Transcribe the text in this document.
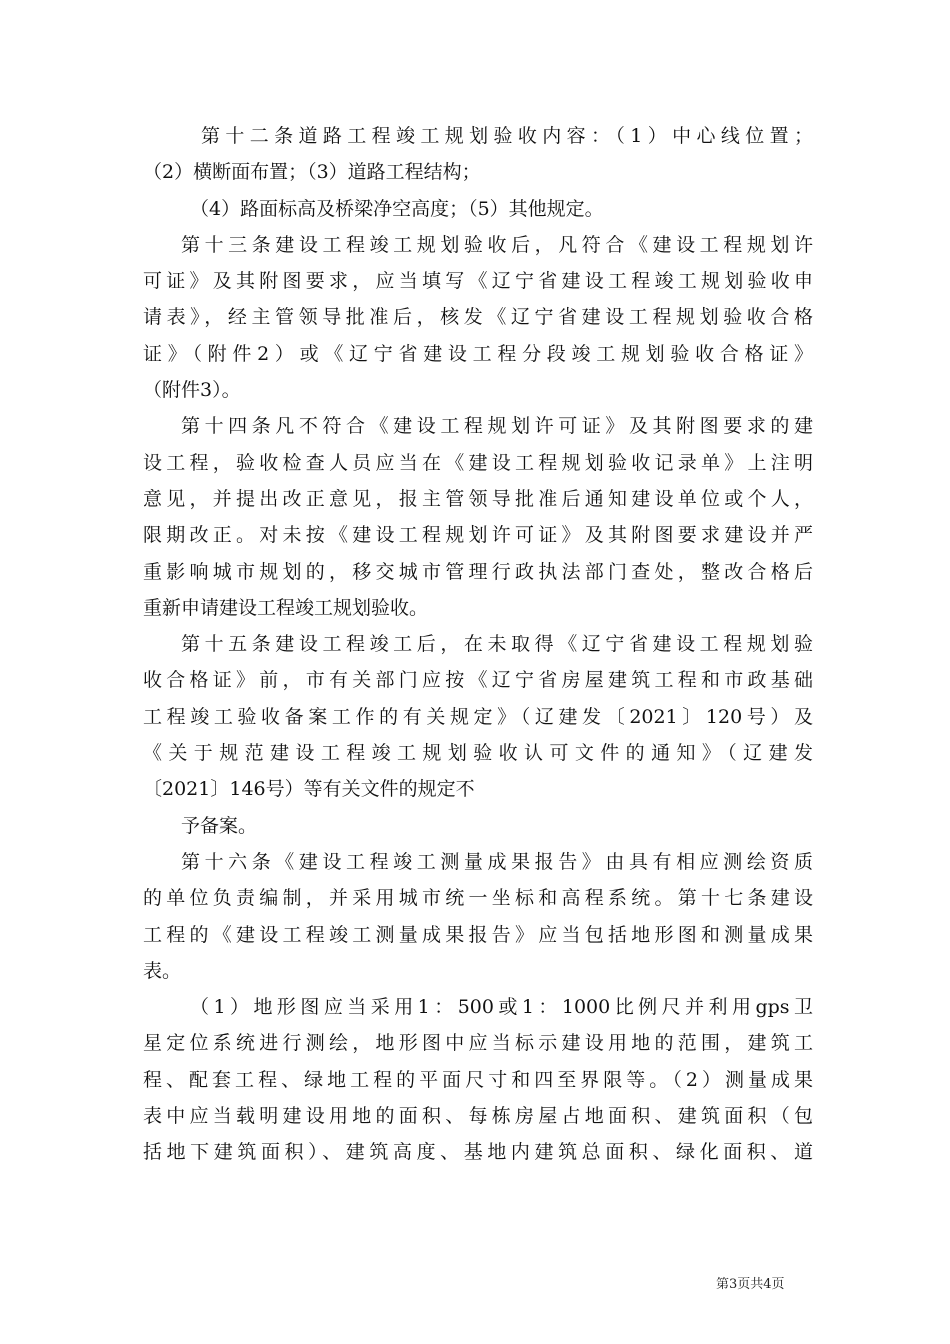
第十二条道路工程竣工规划验收内容：（1）中心线位置；
（2）横断面布置；（3）道路工程结构；
（4）路面标高及桥梁净空高度；（5）其他规定。
第十三条建设工程竣工规划验收后，凡符合《建设工程规划许
可证》及其附图要求，应当填写《辽宁省建设工程竣工规划验收申
请表》，经主管领导批准后，核发《辽宁省建设工程规划验收合格
证》（附件2）或《辽宁省建设工程分段竣工规划验收合格证》
（附件3）。
第十四条凡不符合《建设工程规划许可证》及其附图要求的建
设工程，验收检查人员应当在《建设工程规划验收记录单》上注明
意见，并提出改正意见，报主管领导批准后通知建设单位或个人，
限期改正。对未按《建设工程规划许可证》及其附图要求建设并严
重影响城市规划的，移交城市管理行政执法部门查处，整改合格后
重新申请建设工程竣工规划验收。
第十五条建设工程竣工后，在未取得《辽宁省建设工程规划验
收合格证》前，市有关部门应按《辽宁省房屋建筑工程和市政基础
工程竣工验收备案工作的有关规定》（辽建发〔2021〕120号）及
《关于规范建设工程竣工规划验收认可文件的通知》（辽建发
〔2021〕146号）等有关文件的规定不
予备案。
第十六条《建设工程竣工测量成果报告》由具有相应测绘资质
的单位负责编制，并采用城市统一坐标和高程系统。第十七条建设
工程的《建设工程竣工测量成果报告》应当包括地形图和测量成果
表。
（1）地形图应当采用1：500或1：1000比例尺并利用gps卫
星定位系统进行测绘，地形图中应当标示建设用地的范围，建筑工
程、配套工程、绿地工程的平面尺寸和四至界限等。（2）测量成果
表中应当载明建设用地的面积、每栋房屋占地面积、建筑面积（包
括地下建筑面积）、建筑高度、基地内建筑总面积、绿化面积、道
第3页共4页
